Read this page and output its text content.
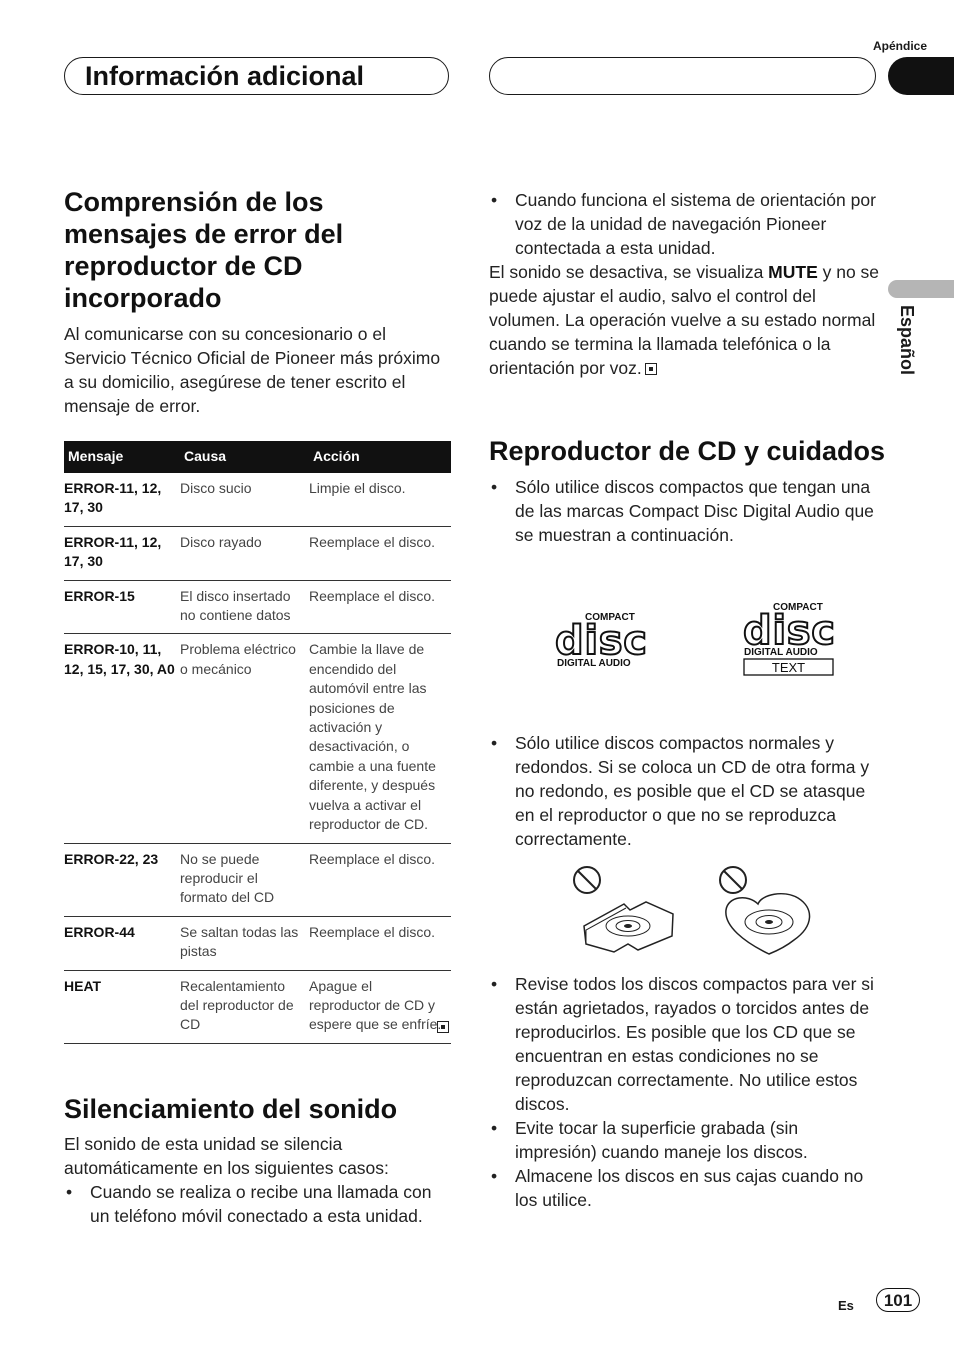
Apéndice
Información adicional
Español
Comprensión de los
mensajes de error del
reproductor de CD
incorporado

Al comunicarse con su concesionario o el Servicio Técnico Oficial de Pioneer más próximo a su domicilio, asegúrese de tener escrito el mensaje de error.

Mensaje	Causa	Acción
ERROR-11, 12, 17, 30	Disco sucio	Limpie el disco.
ERROR-11, 12, 17, 30	Disco rayado	Reemplace el disco.
ERROR-15	El disco insertado no contiene datos	Reemplace el disco.
ERROR-10, 11, 12, 15, 17, 30, A0	Problema eléctrico o mecánico	Cambie la llave de encendido del automóvil entre las posiciones de activación y desactivación, o cambie a una fuente diferente, y después vuelva a activar el reproductor de CD.
ERROR-22, 23	No se puede reproducir el formato del CD	Reemplace el disco.
ERROR-44	Se saltan todas las pistas	Reemplace el disco.
HEAT	Recalentamiento del reproductor de CD	Apague el reproductor de CD y espere que se enfríe.
Silenciamiento del sonido

El sonido de esta unidad se silencia automáticamente en los siguientes casos:

• Cuando se realiza o recibe una llamada con un teléfono móvil conectado a esta unidad.
• Cuando funciona el sistema de orientación por voz de la unidad de navegación Pioneer contectada a esta unidad.

El sonido se desactiva, se visualiza MUTE y no se puede ajustar el audio, salvo el control del volumen. La operación vuelve a su estado normal cuando se termina la llamada telefónica o la orientación por voz.

Reproductor de CD y cuidados
• Sólo utilice discos compactos que tengan una de las marcas Compact Disc Digital Audio que se muestran a continuación.
COMPACT
disc
DIGITAL AUDIO
COMPACT
disc
DIGITAL AUDIO
TEXT
• Sólo utilice discos compactos normales y redondos. Si se coloca un CD de otra forma y no redondo, es posible que el CD se atasque en el reproductor o que no se reproduzca correctamente.
• Revise todos los discos compactos para ver si están agrietados, rayados o torcidos antes de reproducirlos. Es posible que los CD que se encuentran en estas condiciones no se reproduzcan correctamente. No utilice estos discos.
• Evite tocar la superficie grabada (sin impresión) cuando maneje los discos.
• Almacene los discos en sus cajas cuando no los utilice.
Es	101
